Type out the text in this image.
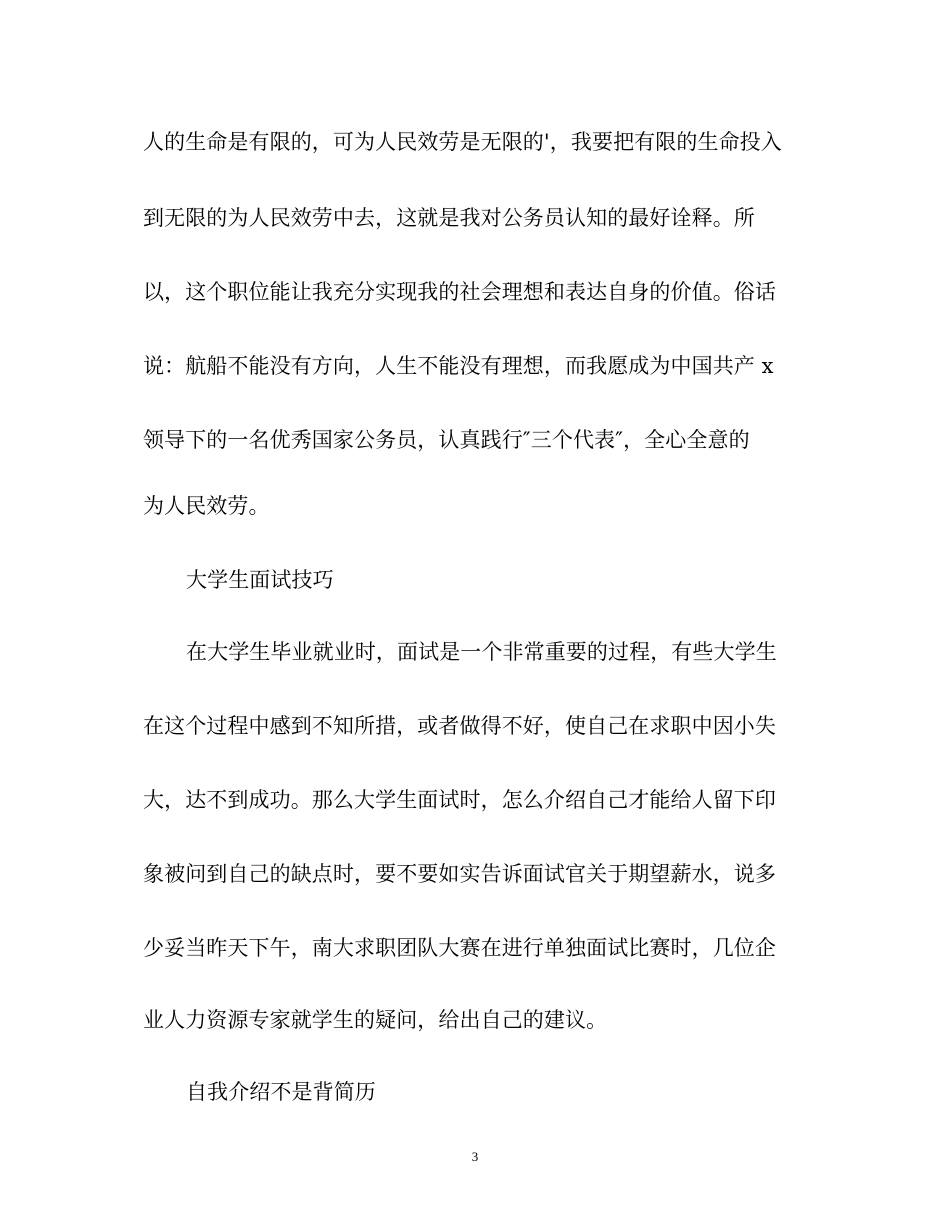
人的生命是有限的，可为人民效劳是无限的'，我要把有限的生命投入
到无限的为人民效劳中去，这就是我对公务员认知的最好诠释。所
以，这个职位能让我充分实现我的社会理想和表达自身的价值。俗话
说：航船不能没有方向，人生不能没有理想，而我愿成为中国共产 x
领导下的一名优秀国家公务员，认真践行″三个代表″，全心全意的
为人民效劳。
大学生面试技巧
在大学生毕业就业时，面试是一个非常重要的过程，有些大学生
在这个过程中感到不知所措，或者做得不好，使自己在求职中因小失
大，达不到成功。那么大学生面试时，怎么介绍自己才能给人留下印
象被问到自己的缺点时，要不要如实告诉面试官关于期望薪水，说多
少妥当昨天下午，南大求职团队大赛在进行单独面试比赛时，几位企
业人力资源专家就学生的疑问，给出自己的建议。
自我介绍不是背简历
3
